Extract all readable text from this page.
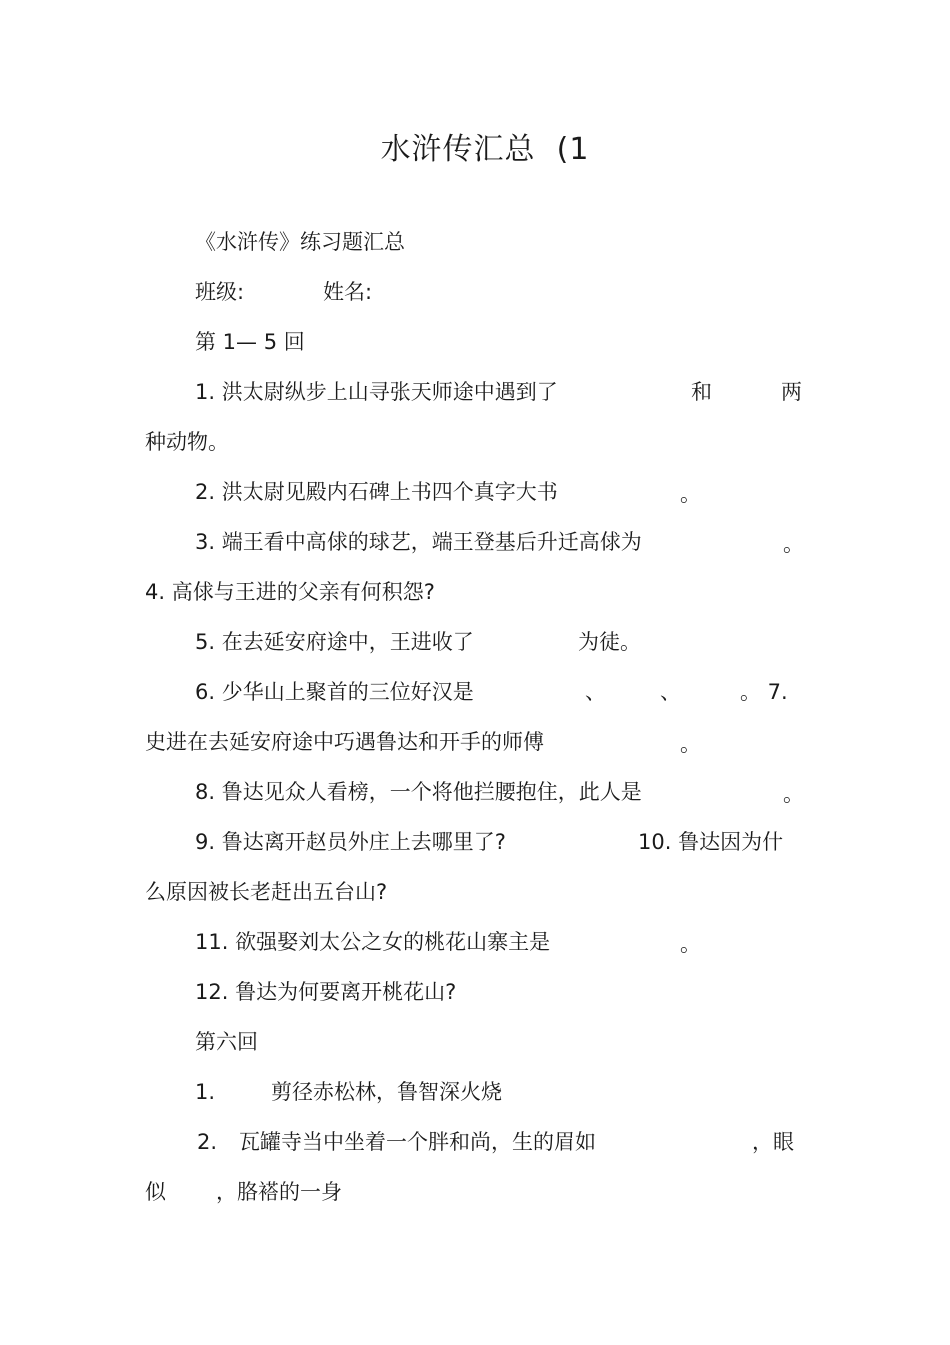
水浒传汇总  (1
《水浒传》练习题汇总
班级:	姓名:
第 1— 5 回
1. 洪太尉纵步上山寻张天师途中遇到了	和	两
种动物。
2. 洪太尉见殿内石碑上书四个真字大书	。
3. 端王看中高俅的球艺，端王登基后升迁高俅为	。
4. 高俅与王进的父亲有何积怨?
5. 在去延安府途中，王进收了	为徒。
6. 少华山上聚首的三位好汉是	、	、	。 7.
史进在去延安府途中巧遇鲁达和开手的师傅	。
8. 鲁达见众人看榜，一个将他拦腰抱住，此人是	。
9. 鲁达离开赵员外庄上去哪里了?	10. 鲁达因为什
么原因被长老赶出五台山?
11. 欲强娶刘太公之女的桃花山寨主是	。
12. 鲁达为何要离开桃花山?
第六回
1.	剪径赤松林，鲁智深火烧
2. 瓦罐寺当中坐着一个胖和尚，生的眉如	，眼
似 ，胳褡的一身
